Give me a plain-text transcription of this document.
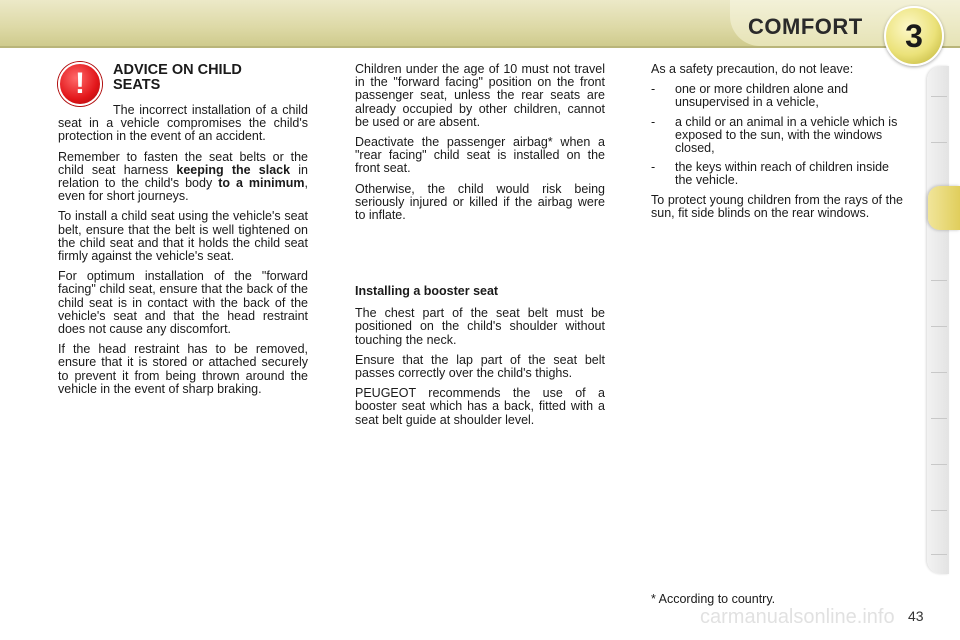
COMFORT	3
!	ADVICE ON CHILD SEATS

The incorrect installation of a child seat in a vehicle compromises the child's protection in the event of an accident.

Remember to fasten the seat belts or the child seat harness keeping the slack in relation to the child's body to a minimum, even for short journeys.

To install a child seat using the vehicle's seat belt, ensure that the belt is well tightened on the child seat and that it holds the child seat firmly against the vehicle's seat.

For optimum installation of the "forward facing" child seat, ensure that the back of the child seat is in contact with the back of the vehicle's seat and that the head restraint does not cause any discomfort.

If the head restraint has to be removed, ensure that it is stored or attached securely to prevent it from being thrown around the vehicle in the event of sharp braking.

Children under the age of 10 must not travel in the "forward facing" position on the front passenger seat, unless the rear seats are already occupied by other children, cannot be used or are absent.

Deactivate the passenger airbag* when a "rear facing" child seat is installed on the front seat.

Otherwise, the child would risk being seriously injured or killed if the airbag were to inflate.

Installing a booster seat

The chest part of the seat belt must be positioned on the child's shoulder without touching the neck.

Ensure that the lap part of the seat belt passes correctly over the child's thighs.

PEUGEOT recommends the use of a booster seat which has a back, fitted with a seat belt guide at shoulder level.

As a safety precaution, do not leave:

-	one or more children alone and unsupervised in a vehicle,
-	a child or an animal in a vehicle which is exposed to the sun, with the windows closed,
-	the keys within reach of children inside the vehicle.

To protect young children from the rays of the sun, fit side blinds on the rear windows.

* According to country.
carmanualsonline.info 43
